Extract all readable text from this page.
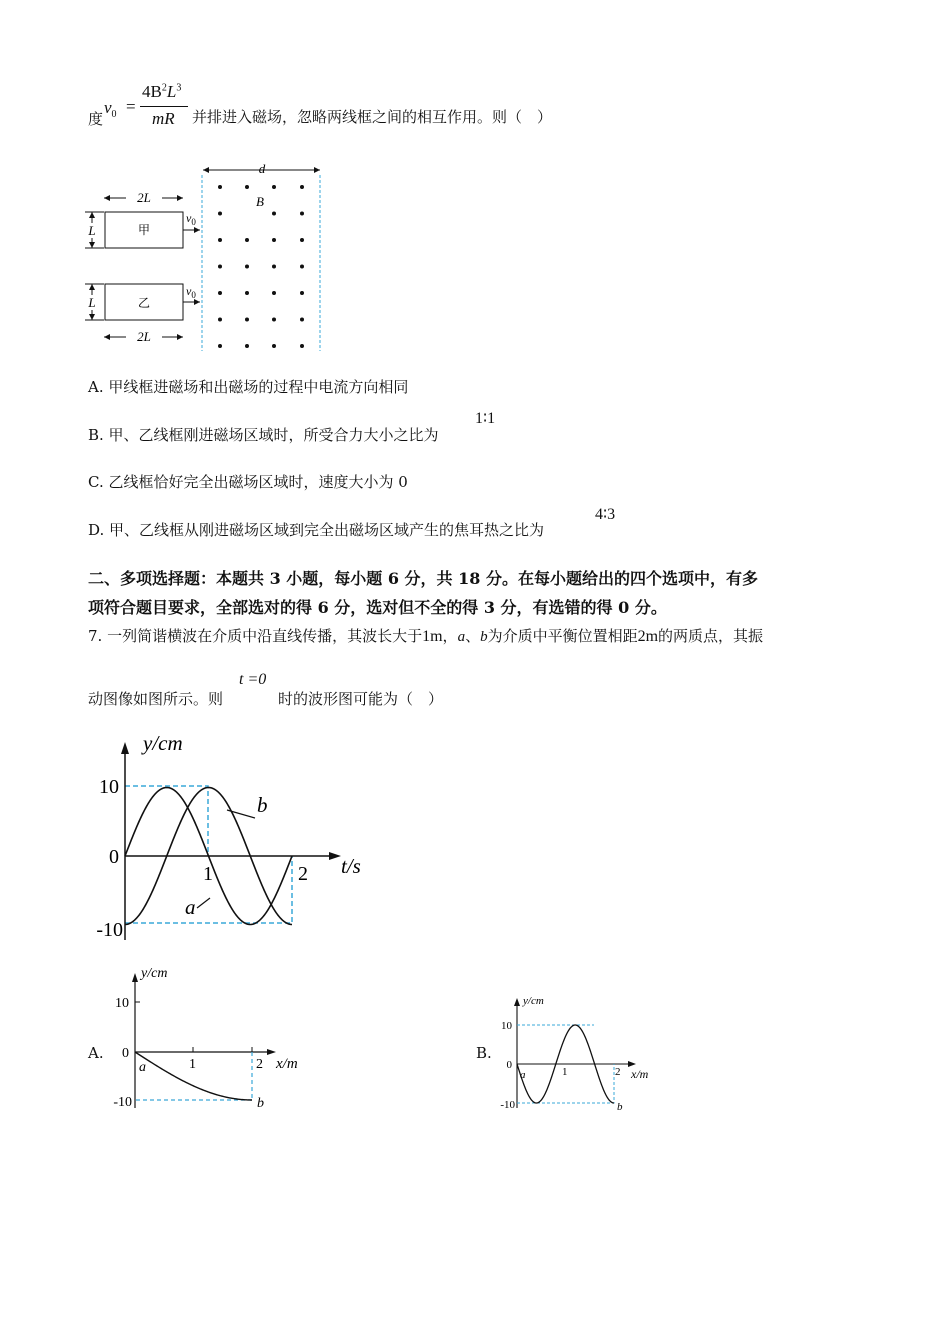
度
$v_0$ =
$4B^2L^3$
mR 并排进入磁场，忽略两线框之间的相互作用。则（　）
d
B
2L
甲
L
$v_0$
乙
L
$v_0$
2L
A. 甲线框进磁场和出磁场的过程中电流方向相同
B. 甲、乙线框刚进磁场区域时，所受合力大小之比为
1∶1
C. 乙线框恰好完全出磁场区域时，速度大小为 0
D. 甲、乙线框从刚进磁场区域到完全出磁场区域产生的焦耳热之比为
4∶3
二、多项选择题：本题共 3 小题，每小题 6 分，共 18 分。在每小题给出的四个选项中，有多
项符合题目要求，全部选对的得 6 分，选对但不全的得 3 分，有选错的得 0 分。
7. 一列简谐横波在介质中沿直线传播，其波长大于1m，a、b为介质中平衡位置相距2m的两质点，其振
动图像如图所示。则
t =0
时的波形图可能为（　）
y/cm
t/s
10
0
-10
1	2
b
a
A.
y/cm
x/m
10
0
-10
1	2
a
b
B.
y/cm
x/m
10
0
-10
1	2
a
b
